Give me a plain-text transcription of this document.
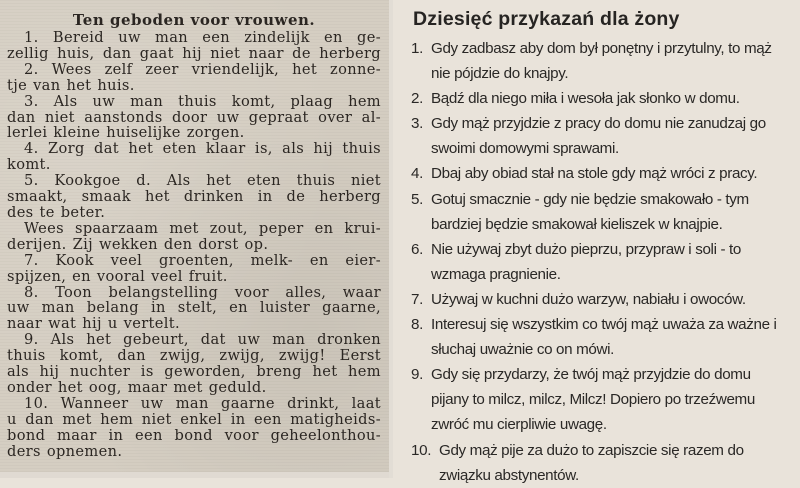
Ten geboden voor vrouwen.
1. Bereid uw man een zindelijk en ge-
zellig huis, dan gaat hij niet naar de herberg
2. Wees zelf zeer vriendelijk, het zonne-
tje van het huis.
3. Als uw man thuis komt, plaag hem
dan niet aanstonds door uw gepraat over al-
lerlei kleine huiselijke zorgen.
4. Zorg dat het eten klaar is, als hij thuis
komt.
5. Kookgoe d. Als het eten thuis niet
smaakt, smaak het drinken in de herberg
des te beter.
Wees spaarzaam met zout, peper en krui-
derijen. Zij wekken den dorst op.
7. Kook veel groenten, melk- en eier-
spijzen, en vooral veel fruit.
8. Toon belangstelling voor alles, waar
uw man belang in stelt, en luister gaarne,
naar wat hij u vertelt.
9. Als het gebeurt, dat uw man dronken
thuis komt, dan zwijg, zwijg, zwijg! Eerst
als hij nuchter is geworden, breng het hem
onder het oog, maar met geduld.
10. Wanneer uw man gaarne drinkt, laat
u dan met hem niet enkel in een matigheids-
bond maar in een bond voor geheelonthou-
ders opnemen.
Dziesięć przykazań dla żony
1. Gdy zadbasz aby dom był ponętny i przytulny, to mąż nie pójdzie do knajpy.
2. Bądź dla niego miła i wesoła jak słonko w domu.
3. Gdy mąż przyjdzie z pracy do domu nie zanudzaj go swoimi domowymi sprawami.
4. Dbaj aby obiad stał na stole gdy mąż wróci z pracy.
5. Gotuj smacznie - gdy nie będzie smakowało - tym bardziej będzie smakował kieliszek w knajpie.
6. Nie używaj zbyt dużo pieprzu, przypraw i soli - to wzmaga pragnienie.
7. Używaj w kuchni dużo warzyw, nabiału i owoców.
8. Interesuj się wszystkim co twój mąż uważa za ważne i słuchaj uważnie co on mówi.
9. Gdy się przydarzy, że twój mąż przyjdzie do domu pijany to milcz, milcz, Milcz! Dopiero po trzeźwemu zwróć mu cierpliwie uwagę.
10. Gdy mąż pije za dużo to zapiszcie się razem do związku abstynentów.
